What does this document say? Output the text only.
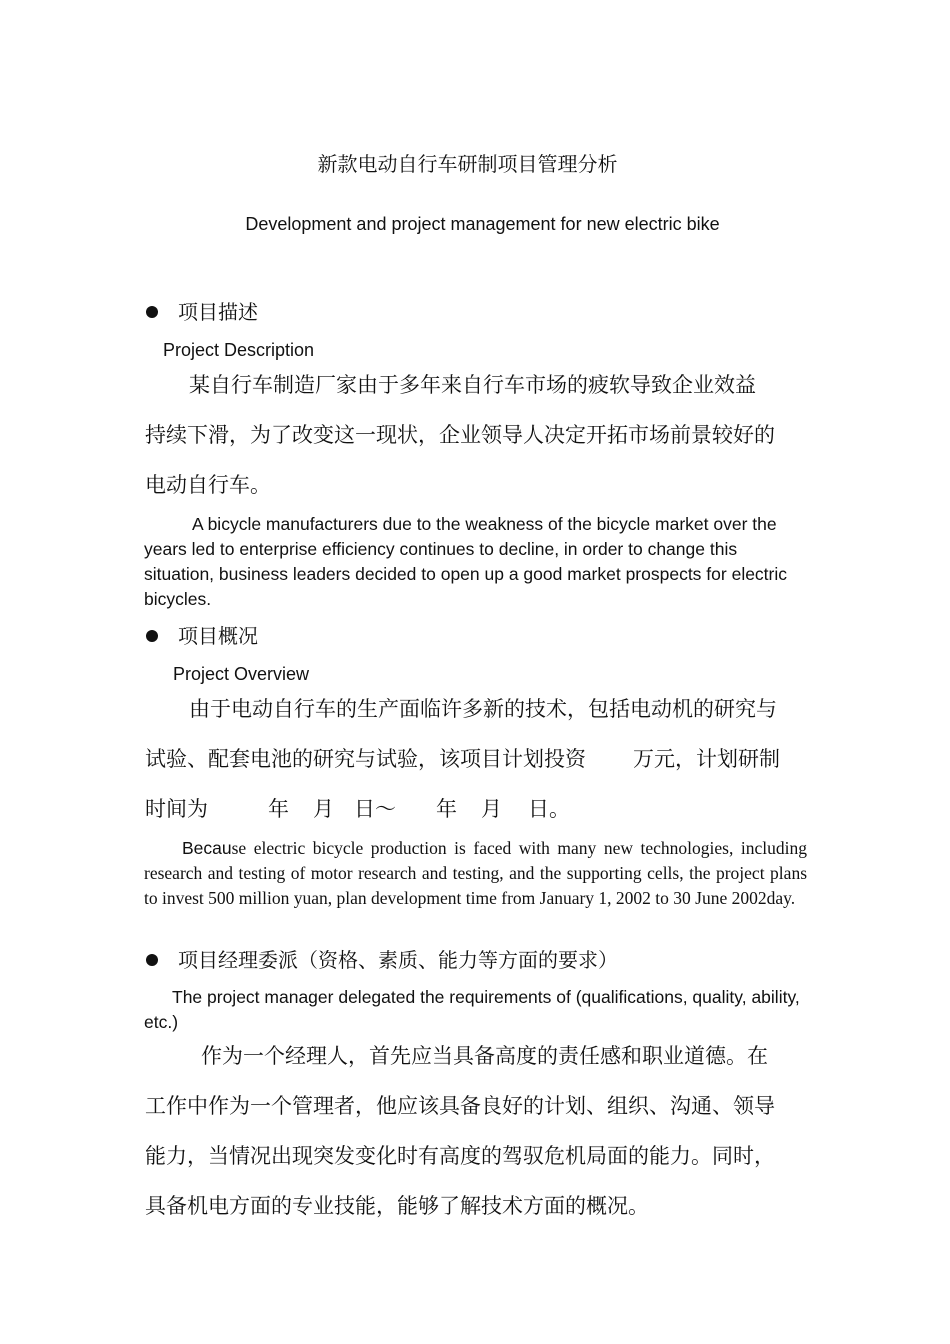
新款电动自行车研制项目管理分析
Development and project management for new electric bike
项目描述
Project Description
某自行车制造厂家由于多年来自行车市场的疲软导致企业效益
持续下滑，为了改变这一现状，企业领导人决定开拓市场前景较好的
电动自行车。

A bicycle manufacturers due to the weakness of the bicycle market over the years led to enterprise efficiency continues to decline, in order to change this situation, business leaders decided to open up a good market prospects for electric bicycles.

项目概况
Project Overview
由于电动自行车的生产面临许多新的技术，包括电动机的研究与
试验、配套电池的研究与试验，该项目计划投资 万元，计划研制
时间为	年 月 日～ 年 月 日。

Because electric bicycle production is faced with many new technologies, including research and testing of motor research and testing, and the supporting cells, the project plans to invest 500 million yuan, plan development time from January 1, 2002 to 30 June 2002day.

项目经理委派（资格、素质、能力等方面的要求）

The project manager delegated the requirements of (qualifications, quality, ability, etc.)

作为一个经理人，首先应当具备高度的责任感和职业道德。在
工作中作为一个管理者，他应该具备良好的计划、组织、沟通、领导
能力，当情况出现突发变化时有高度的驾驭危机局面的能力。同时，
具备机电方面的专业技能，能够了解技术方面的概况。
